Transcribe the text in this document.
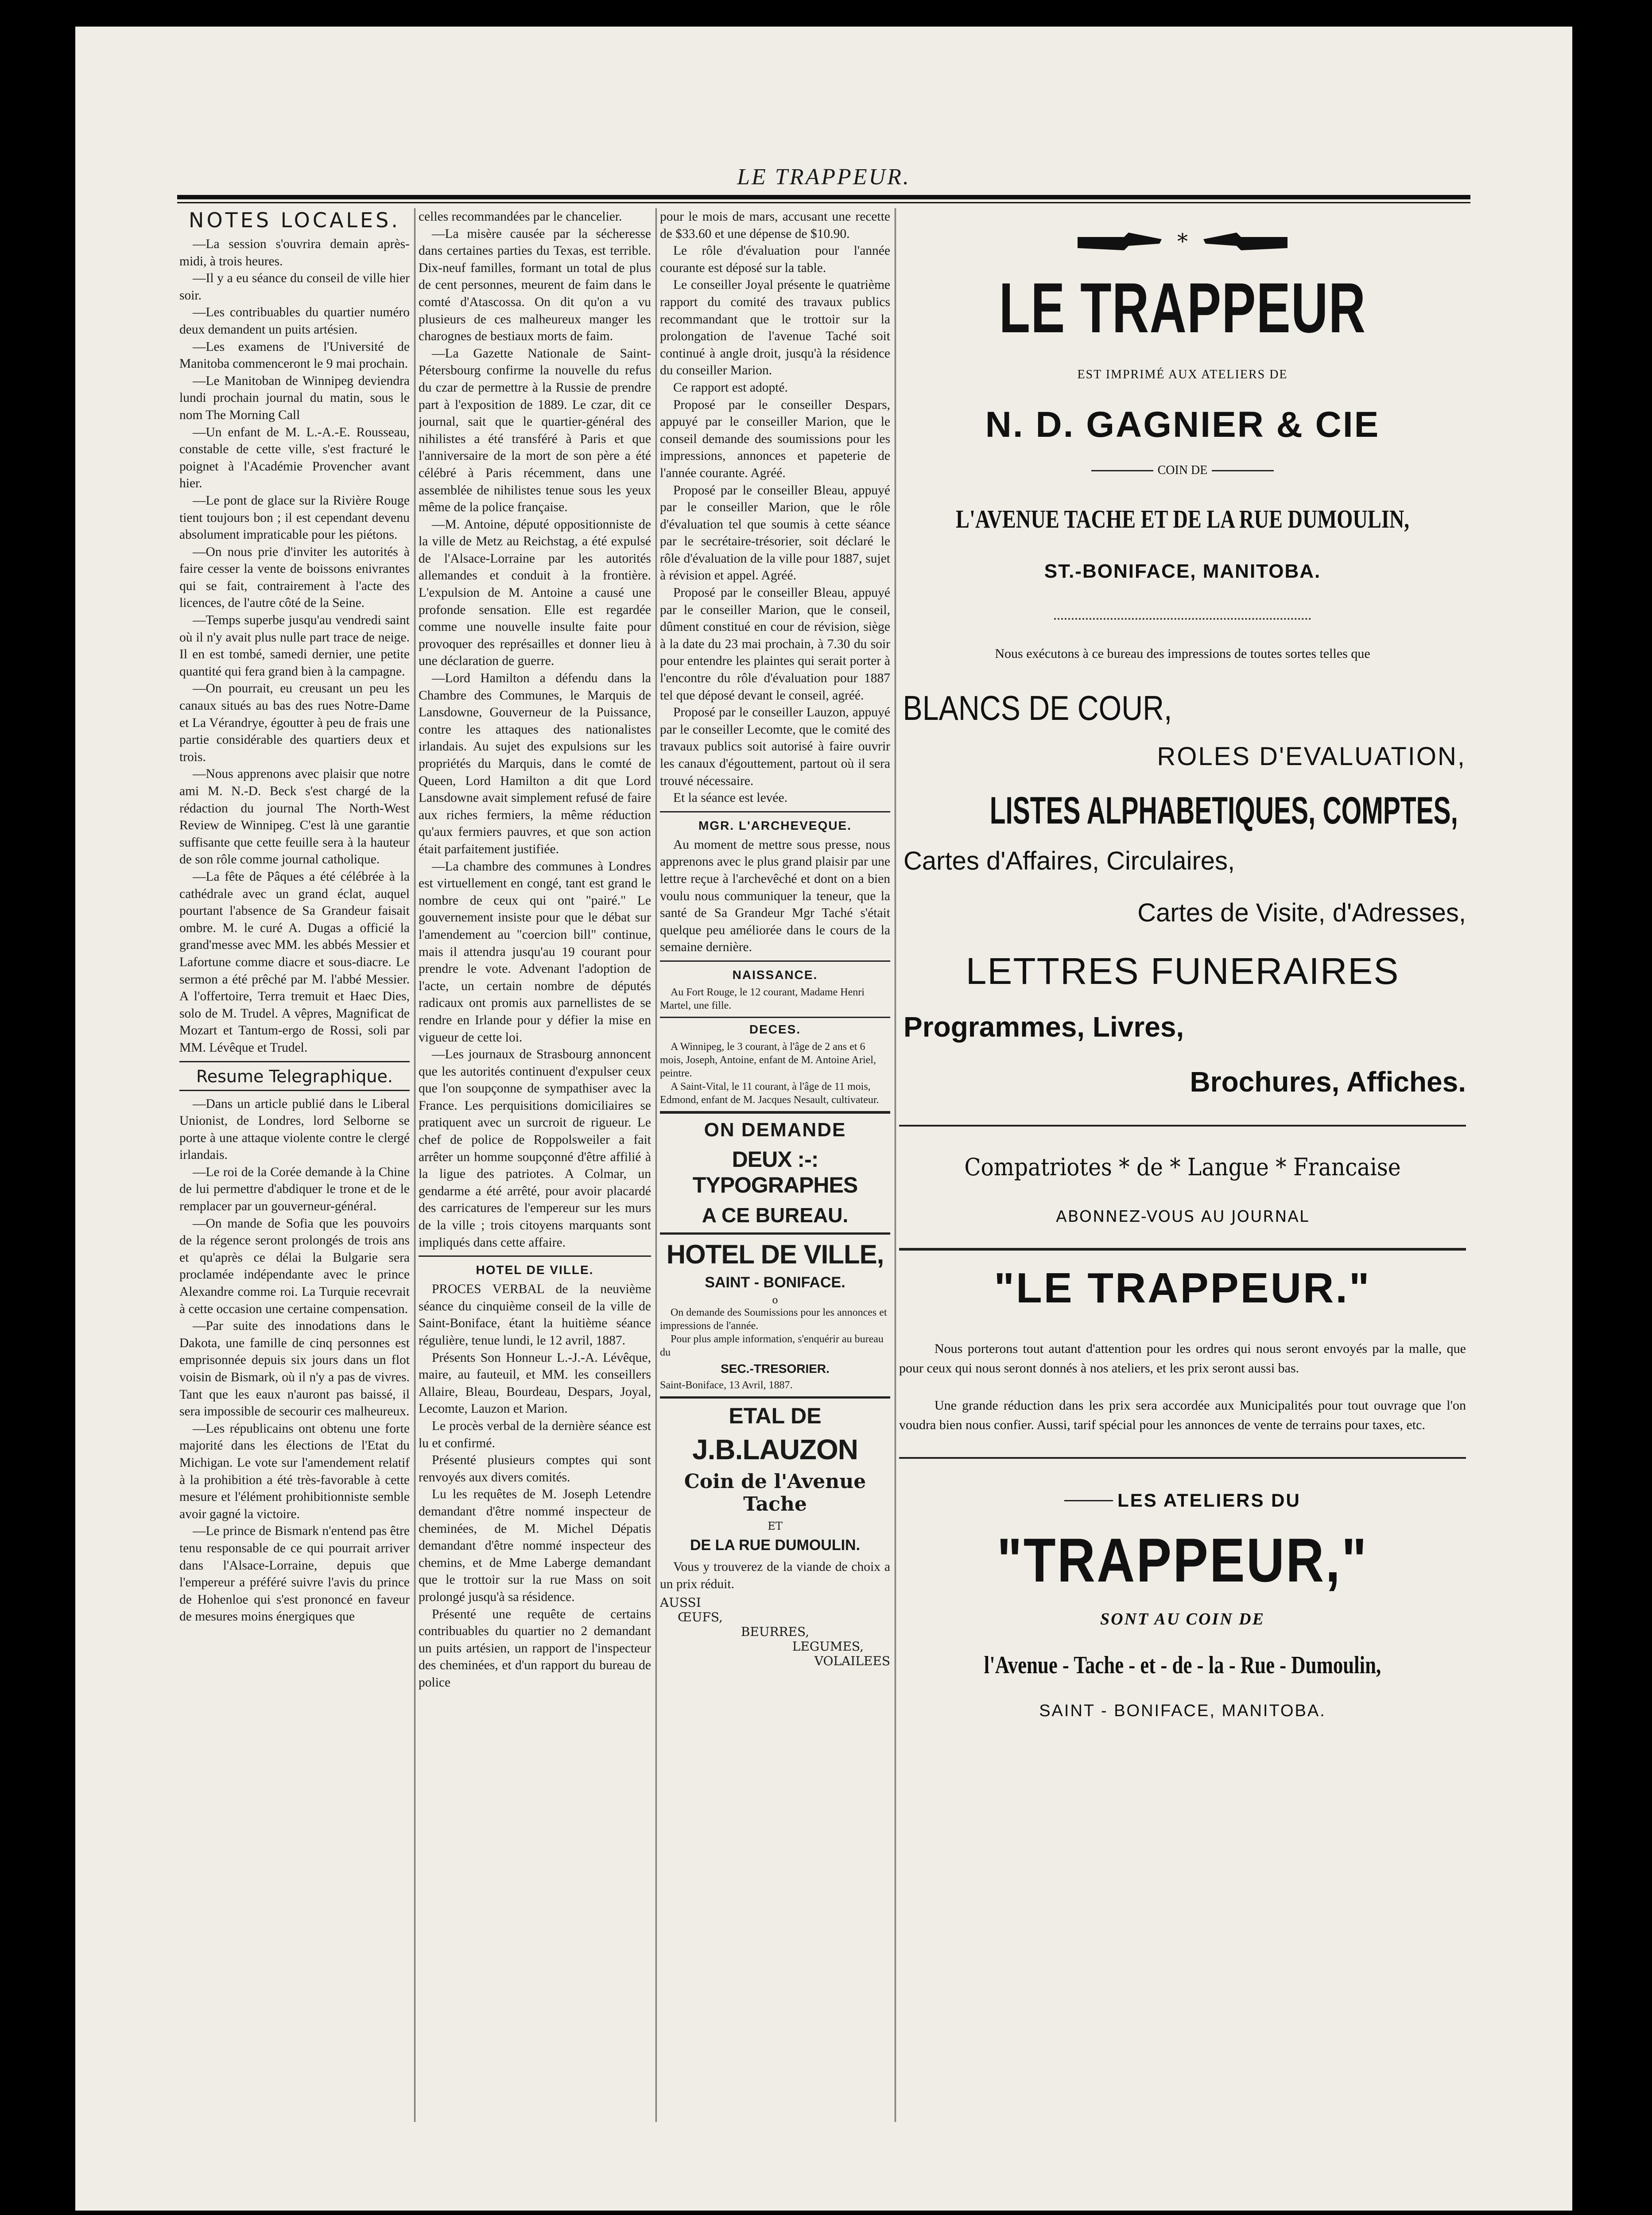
LE TRAPPEUR.
NOTES LOCALES.

—La session s'ouvrira demain après-midi, à trois heures.

—Il y a eu séance du conseil de ville hier soir.

—Les contribuables du quartier numéro deux demandent un puits artésien.

—Les examens de l'Université de Manitoba commenceront le 9 mai prochain.

—Le Manitoban de Winnipeg deviendra lundi prochain journal du matin, sous le nom The Morning Call

—Un enfant de M. L.-A.-E. Rousseau, constable de cette ville, s'est fracturé le poignet à l'Académie Provencher avant hier.

—Le pont de glace sur la Rivière Rouge tient toujours bon ; il est cependant devenu absolument impraticable pour les piétons.

—On nous prie d'inviter les autorités à faire cesser la vente de boissons enivrantes qui se fait, contrairement à l'acte des licences, de l'autre côté de la Seine.

—Temps superbe jusqu'au vendredi saint où il n'y avait plus nulle part trace de neige. Il en est tombé, samedi dernier, une petite quantité qui fera grand bien à la campagne.

—On pourrait, eu creusant un peu les canaux situés au bas des rues Notre-Dame et La Vérandrye, égoutter à peu de frais une partie considérable des quartiers deux et trois.

—Nous apprenons avec plaisir que notre ami M. N.-D. Beck s'est chargé de la rédaction du journal The North-West Review de Winnipeg. C'est là une garantie suffisante que cette feuille sera à la hauteur de son rôle comme journal catholique.

—La fête de Pâques a été célébrée à la cathédrale avec un grand éclat, auquel pourtant l'absence de Sa Grandeur faisait ombre. M. le curé A. Dugas a officié la grand'messe avec MM. les abbés Messier et Lafortune comme diacre et sous-diacre. Le sermon a été prêché par M. l'abbé Messier. A l'offertoire, Terra tremuit et Haec Dies, solo de M. Trudel. A vêpres, Magnificat de Mozart et Tantum-ergo de Rossi, soli par MM. Lévêque et Trudel.

Resume Telegraphique.

—Dans un article publié dans le Liberal Unionist, de Londres, lord Selborne se porte à une attaque violente contre le clergé irlandais.

—Le roi de la Corée demande à la Chine de lui permettre d'abdiquer le trone et de le remplacer par un gouverneur-général.

—On mande de Sofia que les pouvoirs de la régence seront prolongés de trois ans et qu'après ce délai la Bulgarie sera proclamée indépendante avec le prince Alexandre comme roi. La Turquie recevrait à cette occasion une certaine compensation.

—Par suite des innodations dans le Dakota, une famille de cinq personnes est emprisonnée depuis six jours dans un flot voisin de Bismark, où il n'y a pas de vivres. Tant que les eaux n'auront pas baissé, il sera impossible de secourir ces malheureux.

—Les républicains ont obtenu une forte majorité dans les élections de l'Etat du Michigan. Le vote sur l'amendement relatif à la prohibition a été très-favorable à cette mesure et l'élément prohibitionniste semble avoir gagné la victoire.

—Le prince de Bismark n'entend pas être tenu responsable de ce qui pourrait arriver dans l'Alsace-Lorraine, depuis que l'empereur a préféré suivre l'avis du prince de Hohenloe qui s'est prononcé en faveur de mesures moins énergiques que

celles recommandées par le chancelier.

—La misère causée par la sécheresse dans certaines parties du Texas, est terrible. Dix-neuf familles, formant un total de plus de cent personnes, meurent de faim dans le comté d'Atascossa. On dit qu'on a vu plusieurs de ces malheureux manger les charognes de bestiaux morts de faim.

—La Gazette Nationale de Saint-Pétersbourg confirme la nouvelle du refus du czar de permettre à la Russie de prendre part à l'exposition de 1889. Le czar, dit ce journal, sait que le quartier-général des nihilistes a été transféré à Paris et que l'anniversaire de la mort de son père a été célébré à Paris récemment, dans une assemblée de nihilistes tenue sous les yeux même de la police française.

—M. Antoine, député oppositionniste de la ville de Metz au Reichstag, a été expulsé de l'Alsace-Lorraine par les autorités allemandes et conduit à la frontière. L'expulsion de M. Antoine a causé une profonde sensation. Elle est regardée comme une nouvelle insulte faite pour provoquer des représailles et donner lieu à une déclaration de guerre.

—Lord Hamilton a défendu dans la Chambre des Communes, le Marquis de Lansdowne, Gouverneur de la Puissance, contre les attaques des nationalistes irlandais. Au sujet des expulsions sur les propriétés du Marquis, dans le comté de Queen, Lord Hamilton a dit que Lord Lansdowne avait simplement refusé de faire aux riches fermiers, la même réduction qu'aux fermiers pauvres, et que son action était parfaitement justifiée.

—La chambre des communes à Londres est virtuellement en congé, tant est grand le nombre de ceux qui ont "pairé." Le gouvernement insiste pour que le débat sur l'amendement au "coercion bill" continue, mais il attendra jusqu'au 19 courant pour prendre le vote. Advenant l'adoption de l'acte, un certain nombre de députés radicaux ont promis aux parnellistes de se rendre en Irlande pour y défier la mise en vigueur de cette loi.

—Les journaux de Strasbourg annoncent que les autorités continuent d'expulser ceux que l'on soupçonne de sympathiser avec la France. Les perquisitions domiciliaires se pratiquent avec un surcroit de rigueur. Le chef de police de Roppolsweiler a fait arrêter un homme soupçonné d'être affilié à la ligue des patriotes. A Colmar, un gendarme a été arrêté, pour avoir placardé des carricatures de l'empereur sur les murs de la ville ; trois citoyens marquants sont impliqués dans cette affaire.

HOTEL DE VILLE.

PROCES VERBAL de la neuvième séance du cinquième conseil de la ville de Saint-Boniface, étant la huitième séance régulière, tenue lundi, le 12 avril, 1887.

Présents Son Honneur L.-J.-A. Lévêque, maire, au fauteuil, et MM. les conseillers Allaire, Bleau, Bourdeau, Despars, Joyal, Lecomte, Lauzon et Marion.

Le procès verbal de la dernière séance est lu et confirmé.

Présenté plusieurs comptes qui sont renvoyés aux divers comités.

Lu les requêtes de M. Joseph Letendre demandant d'être nommé inspecteur de cheminées, de M. Michel Dépatis demandant d'être nommé inspecteur des chemins, et de Mme Laberge demandant que le trottoir sur la rue Mass on soit prolongé jusqu'à sa résidence.

Présenté une requête de certains contribuables du quartier no 2 demandant un puits artésien, un rapport de l'inspecteur des cheminées, et d'un rapport du bureau de police

pour le mois de mars, accusant une recette de $33.60 et une dépense de $10.90.

Le rôle d'évaluation pour l'année courante est déposé sur la table.

Le conseiller Joyal présente le quatrième rapport du comité des travaux publics recommandant que le trottoir sur la prolongation de l'avenue Taché soit continué à angle droit, jusqu'à la résidence du conseiller Marion.

Ce rapport est adopté.

Proposé par le conseiller Despars, appuyé par le conseiller Marion, que le conseil demande des soumissions pour les impressions, annonces et papeterie de l'année courante. Agréé.

Proposé par le conseiller Bleau, appuyé par le conseiller Marion, que le rôle d'évaluation tel que soumis à cette séance par le secrétaire-trésorier, soit déclaré le rôle d'évaluation de la ville pour 1887, sujet à révision et appel. Agréé.

Proposé par le conseiller Bleau, appuyé par le conseiller Marion, que le conseil, dûment constitué en cour de révision, siège à la date du 23 mai prochain, à 7.30 du soir pour entendre les plaintes qui serait porter à l'encontre du rôle d'évaluation pour 1887 tel que déposé devant le conseil, agréé.

Proposé par le conseiller Lauzon, appuyé par le conseiller Lecomte, que le comité des travaux publics soit autorisé à faire ouvrir les canaux d'égouttement, partout où il sera trouvé nécessaire.

Et la séance est levée.

MGR. L'ARCHEVEQUE.

Au moment de mettre sous presse, nous apprenons avec le plus grand plaisir par une lettre reçue à l'archevêché et dont on a bien voulu nous communiquer la teneur, que la santé de Sa Grandeur Mgr Taché s'était quelque peu améliorée dans le cours de la semaine dernière.

NAISSANCE.
Au Fort Rouge, le 12 courant, Madame Henri Martel, une fille.
DECES.
A Winnipeg, le 3 courant, à l'âge de 2 ans et 6 mois, Joseph, Antoine, enfant de M. Antoine Ariel, peintre.
A Saint-Vital, le 11 courant, à l'âge de 11 mois, Edmond, enfant de M. Jacques Nesault, cultivateur.
ON DEMANDE
DEUX :-: TYPOGRAPHES
A CE BUREAU.
HOTEL DE VILLE,
SAINT - BONIFACE.
o
On demande des Soumissions pour les annonces et impressions de l'année.
Pour plus ample information, s'enquérir au bureau du
SEC.-TRESORIER.
Saint-Boniface, 13 Avril, 1887.
ETAL DE
J.B.LAUZON
Coin de l'Avenue Tache
ET
DE LA RUE DUMOULIN.

Vous y trouverez de la viande de choix a un prix réduit.

AUSSI
ŒUFS,
BEURRES,
LEGUMES,
VOLAILEES
*
LE TRAPPEUR
EST IMPRIMÉ AUX ATELIERS DE
N. D. GAGNIER & CIE
COIN DE
L'AVENUE TACHE ET DE LA RUE DUMOULIN,
ST.-BONIFACE, MANITOBA.
Nous exécutons à ce bureau des impressions de toutes sortes telles que
BLANCS DE COUR,
ROLES D'EVALUATION,
LISTES ALPHABETIQUES, COMPTES,
Cartes d'Affaires, Circulaires,
Cartes de Visite, d'Adresses,
LETTRES FUNERAIRES
Programmes, Livres,
Brochures, Affiches.
Compatriotes * de * Langue * Francaise
ABONNEZ-VOUS AU JOURNAL
"LE TRAPPEUR."
Nous porterons tout autant d'attention pour les ordres qui nous seront envoyés par la malle, que pour ceux qui nous seront donnés à nos ateliers, et les prix seront aussi bas.
Une grande réduction dans les prix sera accordée aux Municipalités pour tout ouvrage que l'on voudra bien nous confier. Aussi, tarif spécial pour les annonces de vente de terrains pour taxes, etc.
LES ATELIERS DU
"TRAPPEUR,"
SONT AU COIN DE
l'Avenue - Tache - et - de - la - Rue - Dumoulin,
SAINT - BONIFACE, MANITOBA.
